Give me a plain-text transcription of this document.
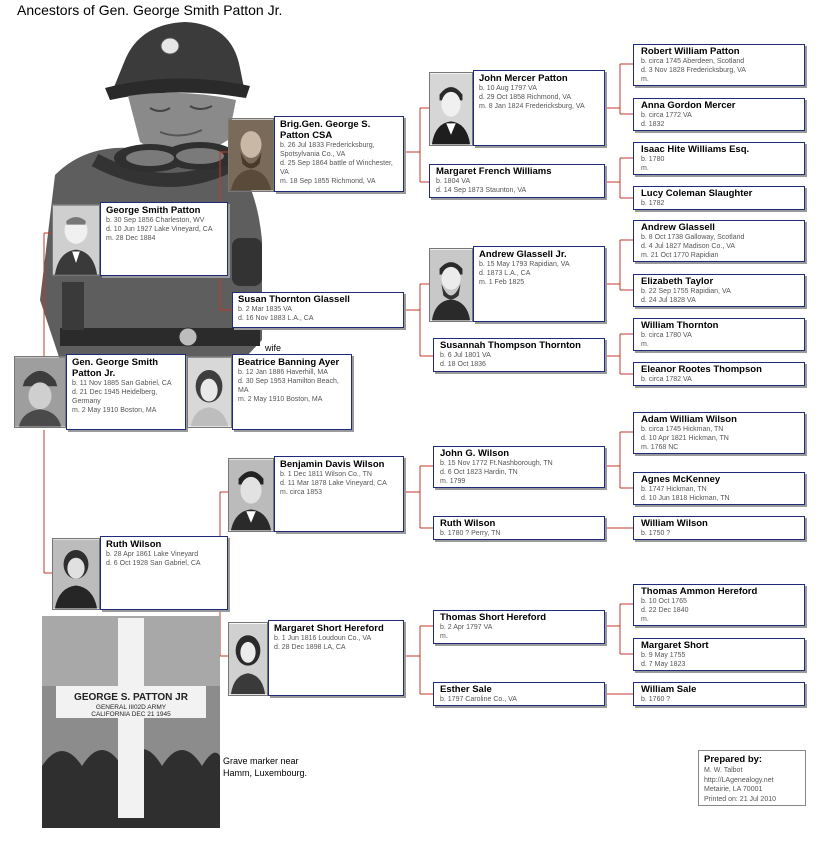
Ancestors of Gen. George Smith Patton Jr.
Gen. George Smith Patton Jr.
b. 11 Nov 1885 San Gabriel, CA
d. 21 Dec 1945 Heidelberg, Germany
m. 2 May 1910 Boston, MA
wife
Beatrice Banning Ayer
b. 12 Jan 1886 Haverhill, MA
d. 30 Sep 1953 Hamilton Beach, MA
m. 2 May 1910 Boston, MA
George Smith Patton
b. 30 Sep 1856 Charleston, WV
d. 10 Jun 1927 Lake Vineyard, CA
m. 28 Dec 1884
Ruth Wilson
b. 28 Apr 1861 Lake Vineyard
d. 6 Oct 1928 San Gabriel, CA
Brig.Gen. George S. Patton CSA
b. 26 Jul 1833 Fredericksburg, Spotsylvania Co., VA
d. 25 Sep 1864 battle of Winchester, VA
m. 18 Sep 1855 Richmond, VA
Susan Thornton Glassell
b. 2 Mar 1835 VA
d. 16 Nov 1883 L.A., CA
Benjamin Davis Wilson
b. 1 Dec 1811 Wilson Co., TN
d. 11 Mar 1878 Lake Vineyard, CA
m. circa 1853
Margaret Short Hereford
b. 1 Jun 1816 Loudoun Co., VA
d. 28 Dec 1898 LA, CA
John Mercer Patton
b. 10 Aug 1797 VA
d. 29 Oct 1858 Richmond, VA
m. 8 Jan 1824 Fredericksburg, VA
Margaret French Williams
b. 1804 VA
d. 14 Sep 1873 Staunton, VA
Andrew Glassell Jr.
b. 15 May 1793 Rapidian, VA
d. 1873 L.A., CA
m. 1 Feb 1825
Susannah Thompson Thornton
b. 6 Jul 1801 VA
d. 18 Oct 1836
John G. Wilson
b. 15 Nov 1772 Ft.Nashborough, TN
d. 6 Oct 1823 Hardin, TN
m. 1799
Ruth Wilson
b. 1780 ? Perry, TN
Thomas Short Hereford
b. 2 Apr 1797 VA
m.
Esther Sale
b. 1797 Caroline Co., VA
Robert William Patton
b. circa 1745 Aberdeen, Scotland
d. 3 Nov 1828 Fredericksburg, VA
m.
Anna Gordon Mercer
b. circa 1772 VA
d. 1832
Isaac Hite Williams Esq.
b. 1780
m.
Lucy Coleman Slaughter
b. 1782
Andrew Glassell
b. 8 Oct 1738 Galloway, Scotland
d. 4 Jul 1827 Madison Co., VA
m. 21 Oct 1770 Rapidian
Elizabeth Taylor
b. 22 Sep 1755 Rapidian, VA
d. 24 Jul 1828 VA
William Thornton
b. circa 1780 VA
m.
Eleanor Rootes Thompson
b. circa 1782 VA
Adam William Wilson
b. circa 1745 Hickman, TN
d. 10 Apr 1821 Hickman, TN
m. 1768 NC
Agnes McKenney
b. 1747 Hickman, TN
d. 10 Jun 1818 Hickman, TN
William Wilson
b. 1750 ?
Thomas Ammon Hereford
b. 10 Oct 1765
d. 22 Dec 1840
m.
Margaret Short
b. 9 May 1755
d. 7 May 1823
William Sale
b. 1760 ?
GEORGE S. PATTON JR
GENERAL III02D ARMY
CALIFORNIA DEC 21 1945
Grave marker near
Hamm, Luxembourg.
Prepared by:
M. W. Talbot
http://LAgenealogy.net
Metairie, LA 70001
Printed on: 21 Jul 2010
